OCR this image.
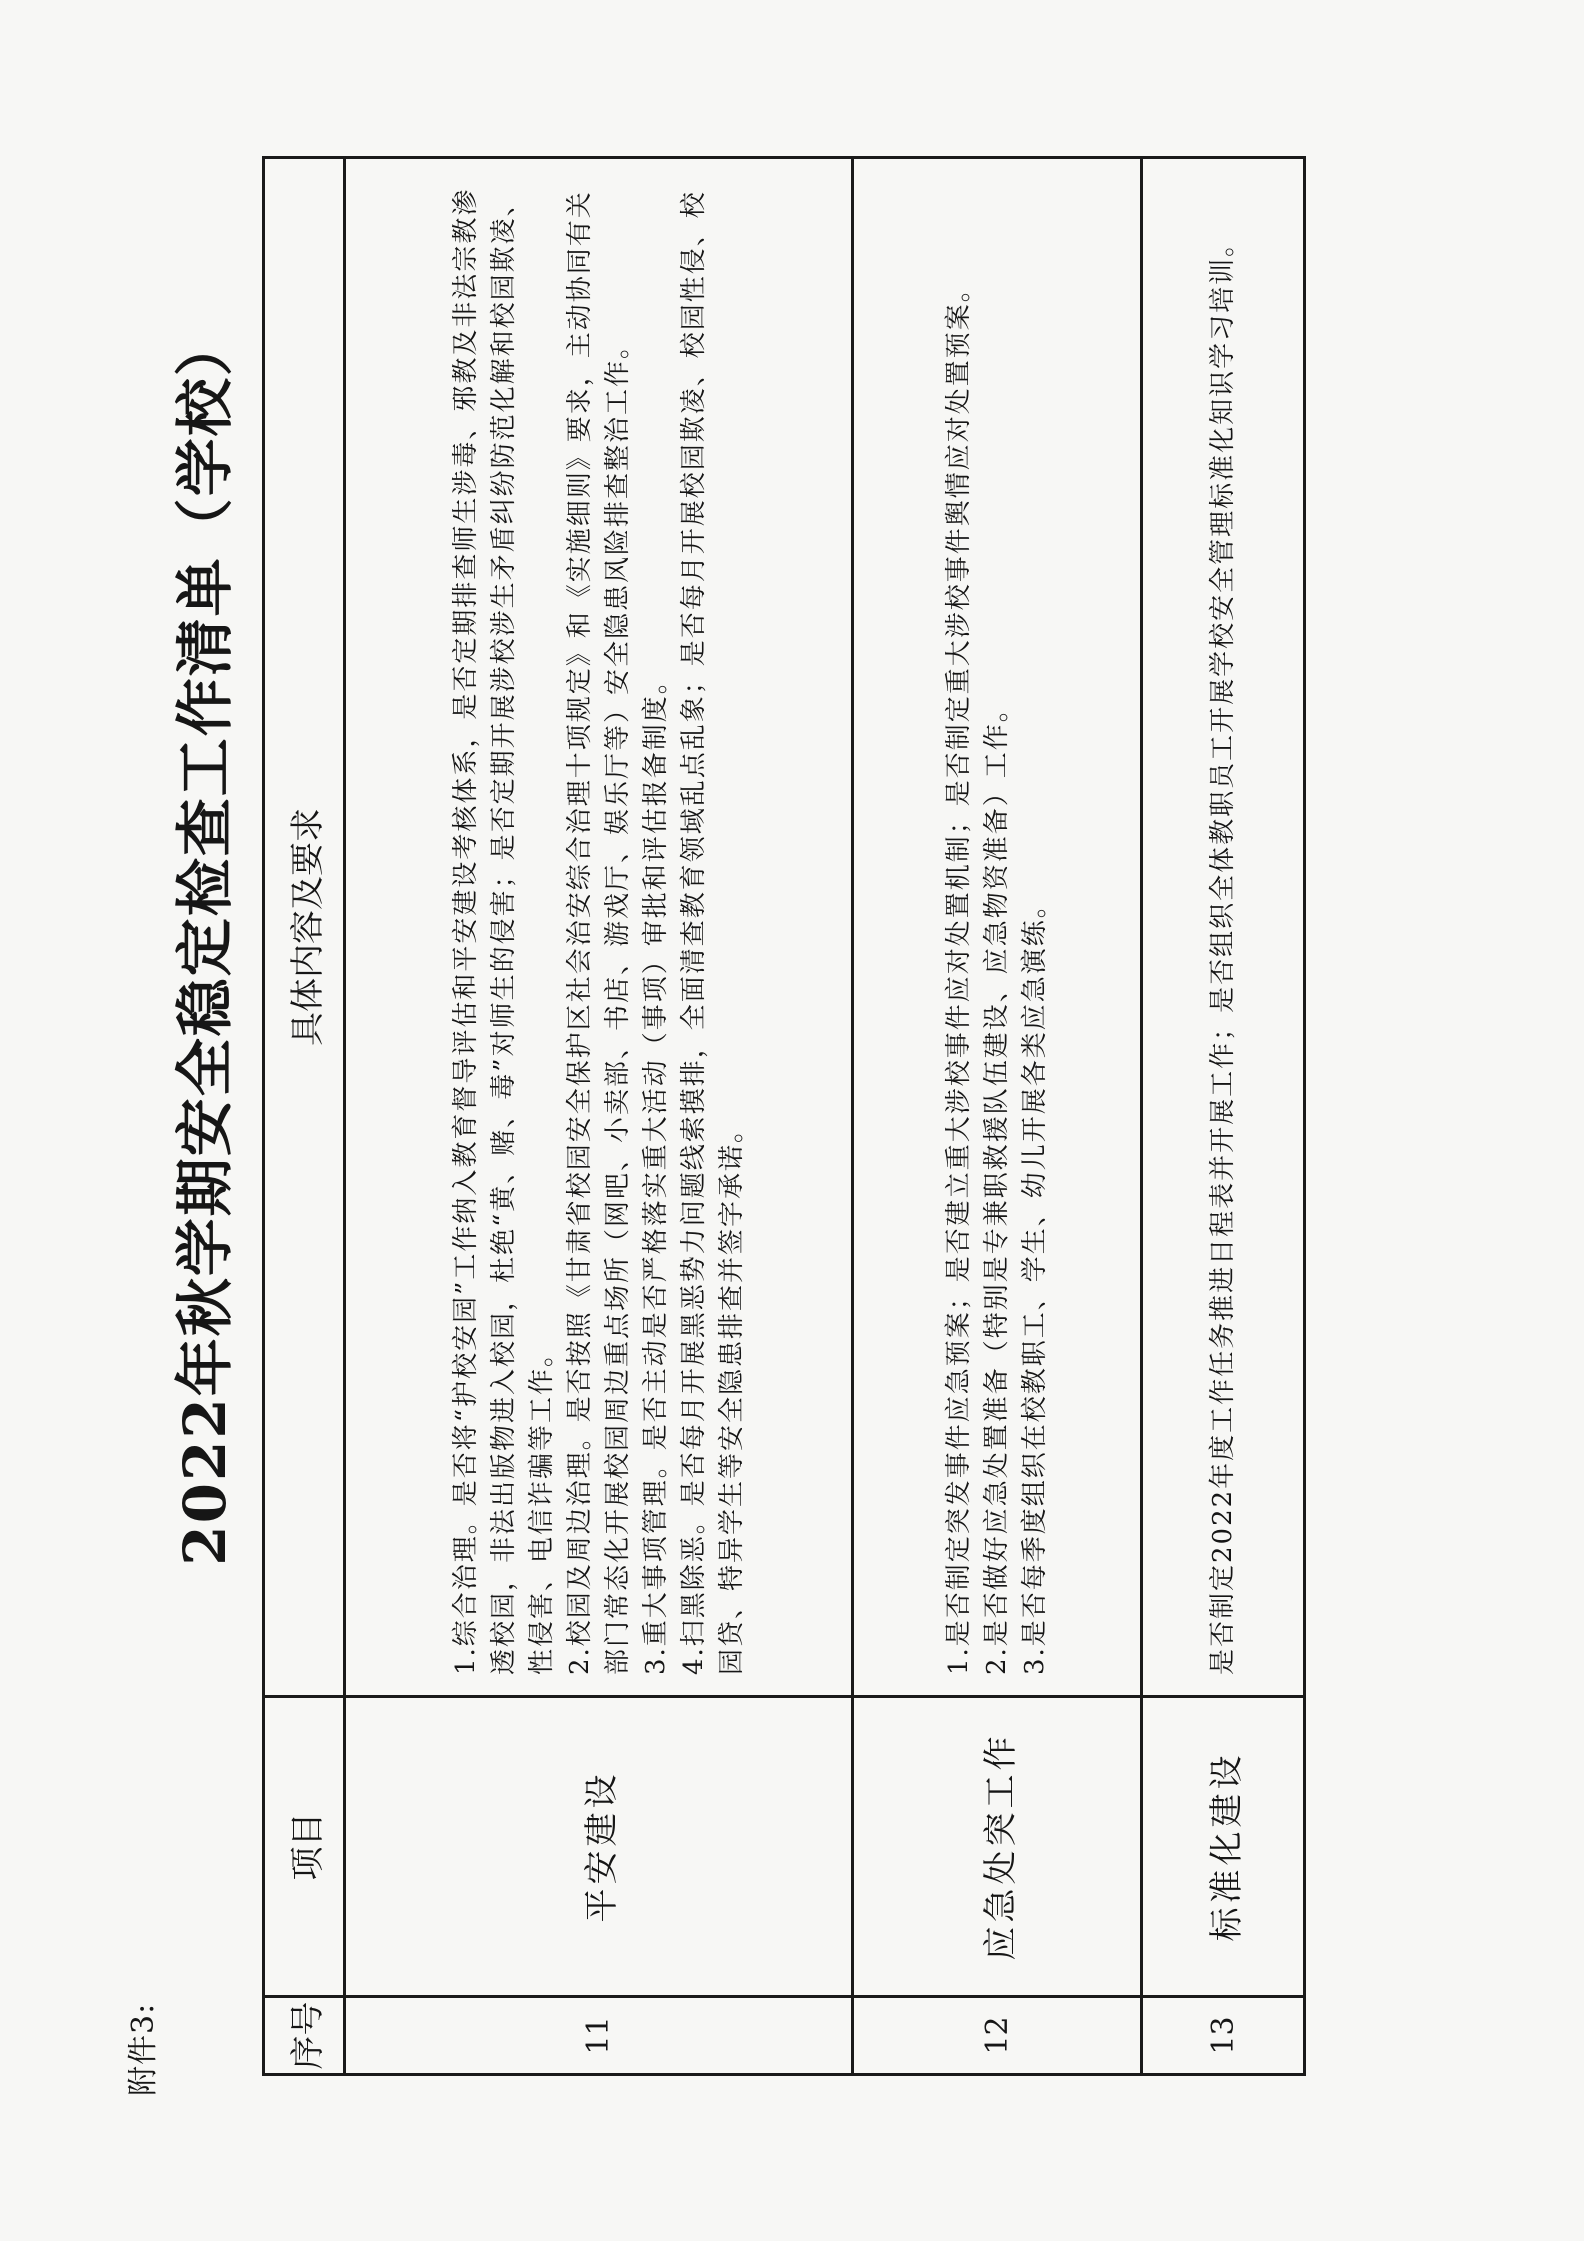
附件3:
2022年秋学期安全稳定检查工作清单（学校）
序号	项目	具体内容及要求
11	平安建设	1.综合治理。是否将“护校安园”工作纳入教育督导评估和平安建设考核体系，是否定期排查师生涉毒、邪教及非法宗教渗透校园，非法出版物进入校园，杜绝“黄、赌、毒”对师生的侵害；是否定期开展涉校涉生矛盾纠纷防范化解和校园欺凌、性侵害、电信诈骗等工作。 2.校园及周边治理。是否按照《甘肃省校园安全保护区社会治安综合治理十项规定》和《实施细则》要求，主动协同有关部门常态化开展校园周边重点场所（网吧、小卖部、书店、游戏厅、娱乐厅等）安全隐患风险排查整治工作。 3.重大事项管理。是否主动是否严格落实重大活动（事项）审批和评估报备制度。 4.扫黑除恶。是否每月开展黑恶势力问题线索摸排，全面清查教育领域乱点乱象；是否每月开展校园欺凌、校园性侵、校园贷、特异学生等安全隐患排查并签字承诺。

12	应急处突工作	1.是否制定突发事件应急预案；是否建立重大涉校事件应对处置机制；是否制定重大涉校事件舆情应对处置预案。 2.是否做好应急处置准备（特别是专兼职救援队伍建设、应急物资准备）工作。 3.是否每季度组织在校教职工、学生、幼儿开展各类应急演练。

13	标准化建设	是否制定2022年度工作任务推进日程表并开展工作；是否组织全体教职员工开展学校安全管理标准化知识学习培训。
